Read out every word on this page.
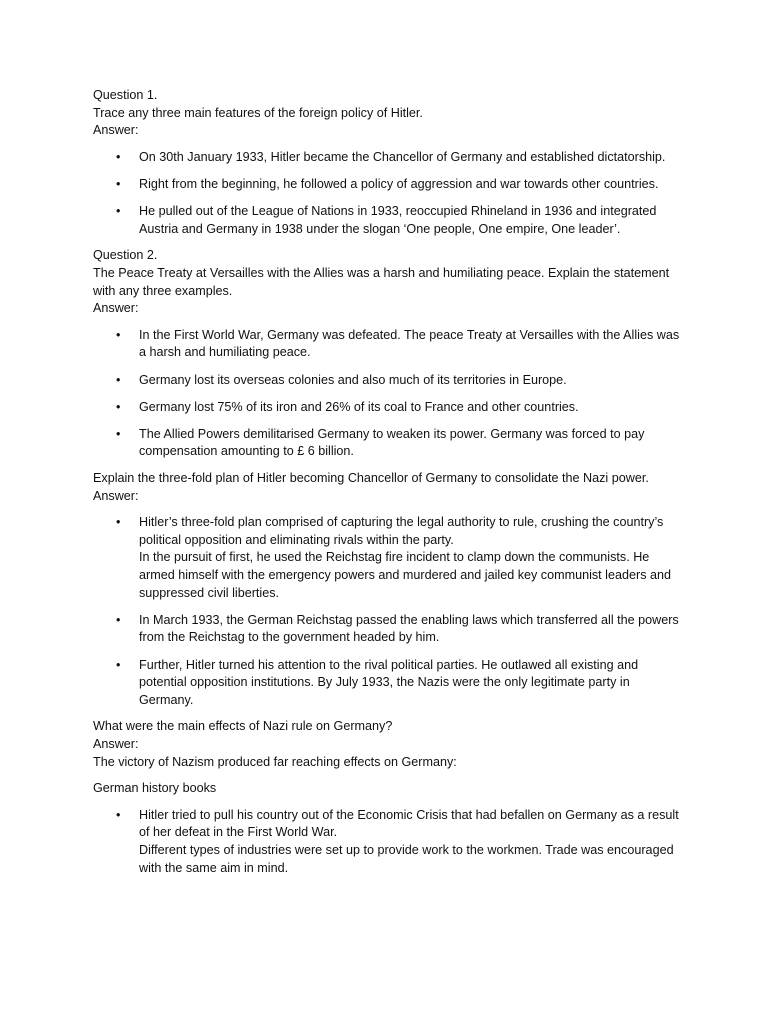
Question 1.

Trace any three main features of the foreign policy of Hitler.

Answer:

• On 30th January 1933, Hitler became the Chancellor of Germany and established dictatorship.
• Right from the beginning, he followed a policy of aggression and war towards other countries.
• He pulled out of the League of Nations in 1933, reoccupied Rhineland in 1936 and integrated Austria and Germany in 1938 under the slogan ‘One people, One empire, One leader’.

Question 2.

The Peace Treaty at Versailles with the Allies was a harsh and humiliating peace. Explain the statement with any three examples.

Answer:

• In the First World War, Germany was defeated. The peace Treaty at Versailles with the Allies was a harsh and humiliating peace.
• Germany lost its overseas colonies and also much of its territories in Europe.
• Germany lost 75% of its iron and 26% of its coal to France and other countries.
• The Allied Powers demilitarised Germany to weaken its power. Germany was forced to pay compensation amounting to £ 6 billion.

Explain the three-fold plan of Hitler becoming Chancellor of Germany to consolidate the Nazi power.

Answer:

• Hitler’s three-fold plan comprised of capturing the legal authority to rule, crushing the country’s political opposition and eliminating rivals within the party.
In the pursuit of first, he used the Reichstag fire incident to clamp down the communists. He armed himself with the emergency powers and murdered and jailed key communist leaders and suppressed civil liberties.
• In March 1933, the German Reichstag passed the enabling laws which transferred all the powers from the Reichstag to the government headed by him.
• Further, Hitler turned his attention to the rival political parties. He outlawed all existing and potential opposition institutions. By July 1933, the Nazis were the only legitimate party in Germany.

What were the main effects of Nazi rule on Germany?

Answer:

The victory of Nazism produced far reaching effects on Germany:

German history books

• Hitler tried to pull his country out of the Economic Crisis that had befallen on Germany as a result of her defeat in the First World War.
Different types of industries were set up to provide work to the workmen. Trade was encouraged with the same aim in mind.
